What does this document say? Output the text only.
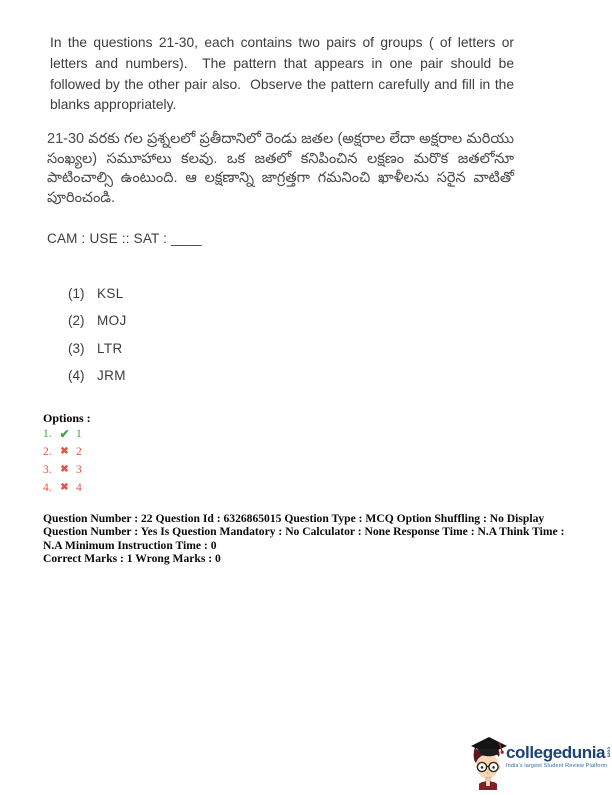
In the questions 21-30, each contains two pairs of groups ( of letters or letters and numbers).  The pattern that appears in one pair should be followed by the other pair also.  Observe the pattern carefully and fill in the blanks appropriately.
21-30 వరకు గల ప్రశ్నలలో ప్రతీదానిలో రెండు జతల (అక్షరాల లేదా అక్షరాల మరియు సంఖ్యల) సమూహాలు కలవు. ఒక జతలో కనిపించిన లక్షణం మరొక జతలోనూ పాటించాల్సి ఉంటుంది. ఆ లక్షణాన్ని జాగ్రత్తగా గమనించి ఖాళీలను సరైన వాటితో పూరించండి.
CAM : USE :: SAT : ____
(1) KSL
(2) MOJ
(3) LTR
(4) JRM
Options :
1. ✔ 1
2. ✖ 2
3. ✖ 3
4. ✖ 4

Question Number : 22 Question Id : 6326865015 Question Type : MCQ Option Shuffling : No Display Question Number : Yes Is Question Mandatory : No Calculator : None Response Time : N.A Think Time : N.A Minimum Instruction Time : 0

Correct Marks : 1 Wrong Marks : 0

collegedunia com
India's largest Student Review Platform
